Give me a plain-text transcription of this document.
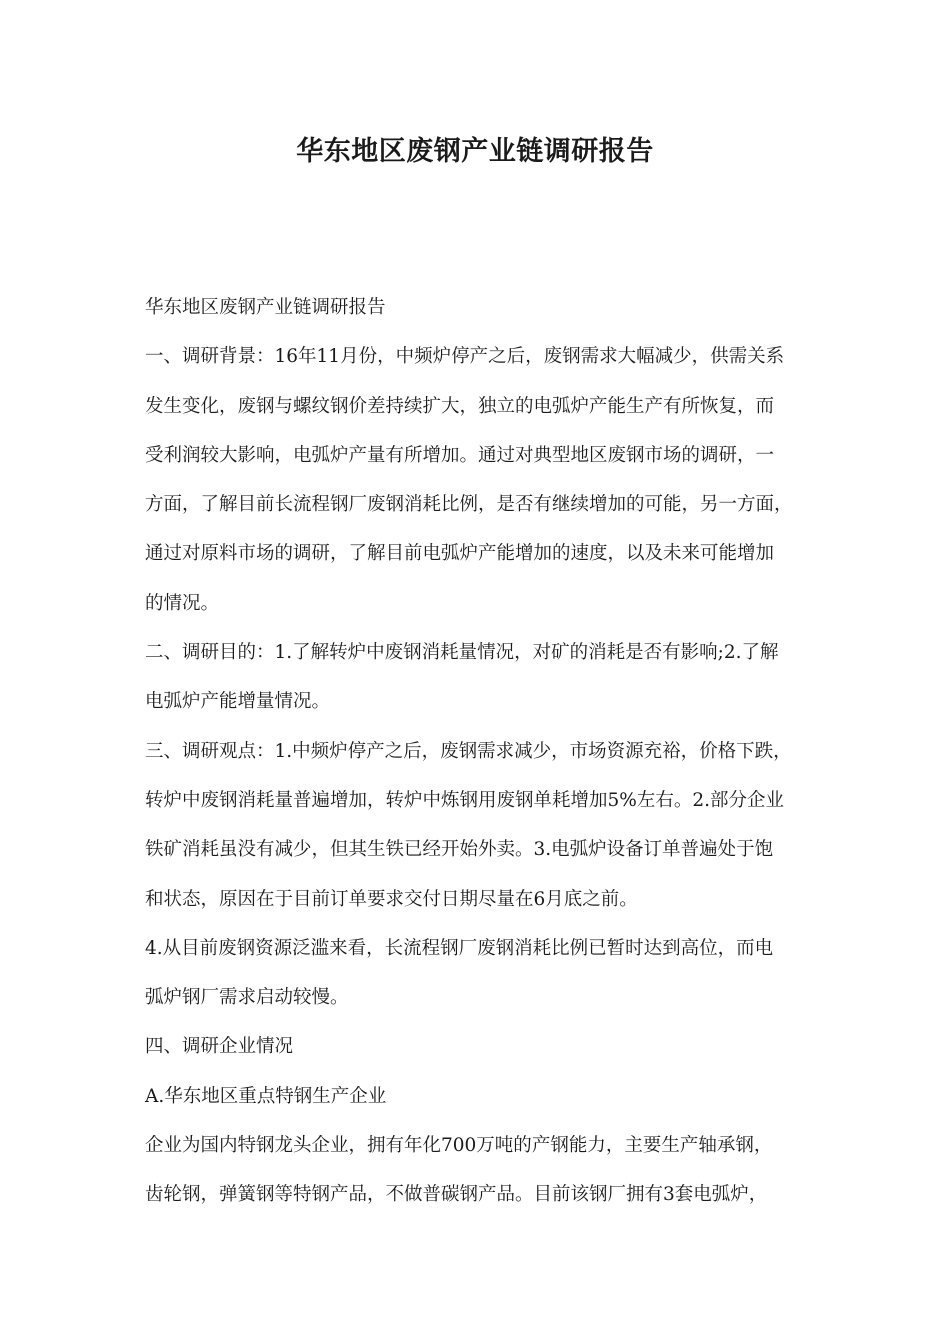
华东地区废钢产业链调研报告
华东地区废钢产业链调研报告
一、调研背景：16年11月份，中频炉停产之后，废钢需求大幅减少，供需关系
发生变化，废钢与螺纹钢价差持续扩大，独立的电弧炉产能生产有所恢复，而
受利润较大影响，电弧炉产量有所增加。通过对典型地区废钢市场的调研，一
方面，了解目前长流程钢厂废钢消耗比例，是否有继续增加的可能，另一方面，
通过对原料市场的调研，了解目前电弧炉产能增加的速度，以及未来可能增加
的情况。
二、调研目的：1.了解转炉中废钢消耗量情况，对矿的消耗是否有影响;2.了解
电弧炉产能增量情况。
三、调研观点：1.中频炉停产之后，废钢需求减少，市场资源充裕，价格下跌，
转炉中废钢消耗量普遍增加，转炉中炼钢用废钢单耗增加5%左右。2.部分企业
铁矿消耗虽没有减少，但其生铁已经开始外卖。3.电弧炉设备订单普遍处于饱
和状态，原因在于目前订单要求交付日期尽量在6月底之前。
4.从目前废钢资源泛滥来看，长流程钢厂废钢消耗比例已暂时达到高位，而电
弧炉钢厂需求启动较慢。
四、调研企业情况
A.华东地区重点特钢生产企业
企业为国内特钢龙头企业，拥有年化700万吨的产钢能力，主要生产轴承钢，
齿轮钢，弹簧钢等特钢产品，不做普碳钢产品。目前该钢厂拥有3套电弧炉，
